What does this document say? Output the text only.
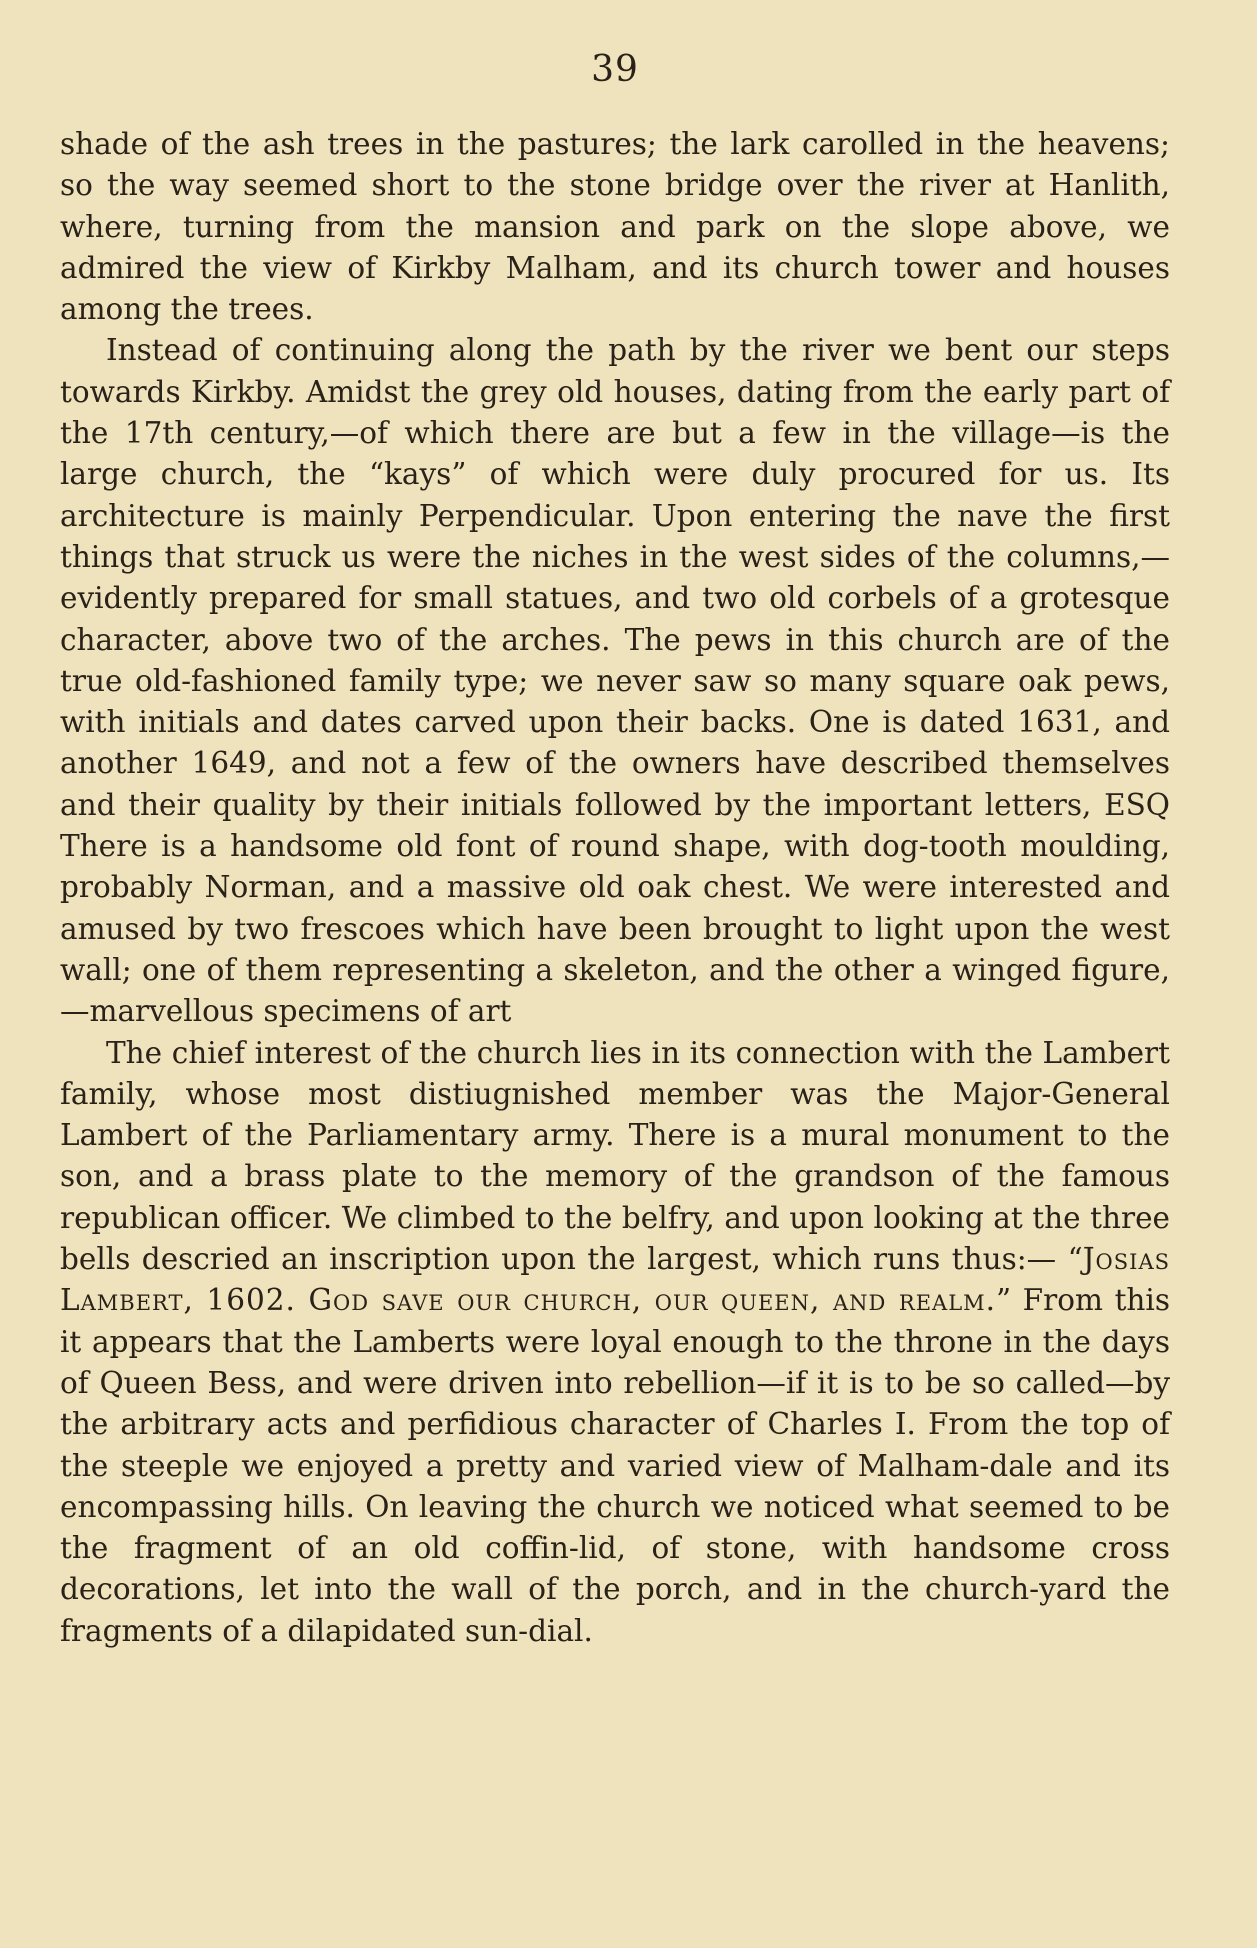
39

shade of the ash trees in the pastures; the lark carolled in the heavens; so the way seemed short to the stone bridge over the river at Hanlith, where, turning from the mansion and park on the slope above, we admired the view of Kirkby Malham, and its church tower and houses among the trees.

Instead of continuing along the path by the river we bent our steps towards Kirkby. Amidst the grey old houses, dating from the early part of the 17th century,—of which there are but a few in the village—is the large church, the “kays” of which were duly procured for us. Its architecture is mainly Perpendicular. Upon entering the nave the first things that struck us were the niches in the west sides of the columns,—evidently prepared for small statues, and two old corbels of a grotesque character, above two of the arches. The pews in this church are of the true old-fashioned family type; we never saw so many square oak pews, with initials and dates carved upon their backs. One is dated 1631, and another 1649, and not a few of the owners have described themselves and their quality by their initials followed by the important letters, ESQ There is a handsome old font of round shape, with dog-tooth moulding, probably Norman, and a massive old oak chest. We were interested and amused by two frescoes which have been brought to light upon the west wall; one of them representing a skeleton, and the other a winged figure,—marvellous specimens of art

The chief interest of the church lies in its connection with the Lambert family, whose most distiugnished member was the Major-General Lambert of the Parliamentary army. There is a mural monument to the son, and a brass plate to the memory of the grandson of the famous republican officer. We climbed to the belfry, and upon looking at the three bells descried an inscription upon the largest, which runs thus:— “Josias Lambert, 1602. God save our church, our queen, and realm.” From this it appears that the Lamberts were loyal enough to the throne in the days of Queen Bess, and were driven into rebellion—if it is to be so called—by the arbitrary acts and perfidious character of Charles I. From the top of the steeple we enjoyed a pretty and varied view of Malham-dale and its encompassing hills. On leaving the church we noticed what seemed to be the fragment of an old coffin-lid, of stone, with handsome cross decorations, let into the wall of the porch, and in the church-yard the fragments of a dilapidated sun-dial.
